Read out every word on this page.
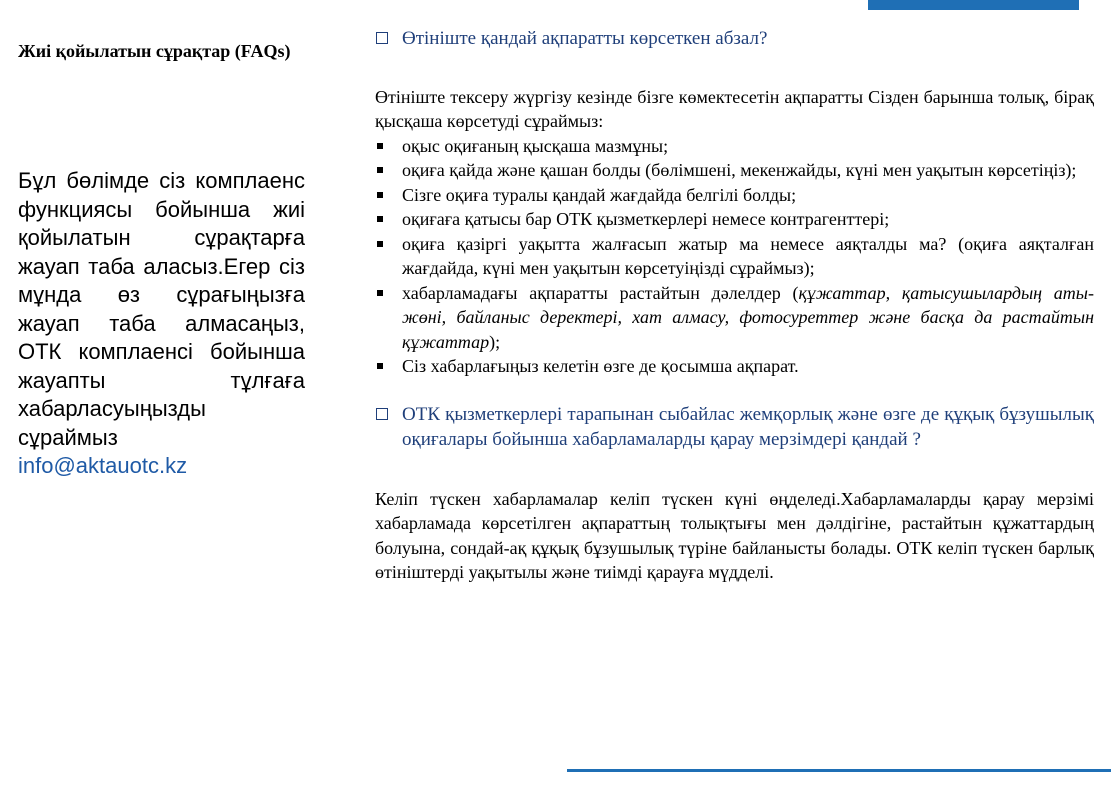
Жиі қойылатын сұрақтар (FAQs)
Бұл бөлімде сіз комплаенс функциясы бойынша жиі қойылатын сұрақтарға жауап таба аласыз.Егер сіз мұнда өз сұрағыңызға жауап таба алмасаңыз, ОТК комплаенсі бойынша жауапты тұлғаға хабарласуыңызды сұраймыз
info@aktauotc.kz
Өтініште қандай ақпаратты көрсеткен абзал?

Өтініште тексеру жүргізу кезінде бізге көмектесетін ақпаратты Сізден барынша толық, бірақ қысқаша көрсетуді сұраймыз:

оқыс оқиғаның қысқаша мазмұны;
оқиға қайда және қашан болды (бөлімшені, мекенжайды, күні мен уақытын көрсетіңіз);
Сізге оқиға туралы қандай жағдайда белгілі болды;
оқиғаға қатысы бар ОТК қызметкерлері немесе контрагенттері;
оқиға қазіргі уақытта жалғасып жатыр ма немесе аяқталды ма? (оқиға аяқталған жағдайда, күні мен уақытын көрсетуіңізді сұраймыз);
хабарламадағы ақпаратты растайтын дәлелдер (құжаттар, қатысушылардың аты-жөні, байланыс деректері, хат алмасу, фотосуреттер және басқа да растайтын құжаттар);
Сіз хабарлағыңыз келетін өзге де қосымша ақпарат.
ОТК қызметкерлері тарапынан сыбайлас жемқорлық және өзге де құқық бұзушылық оқиғалары бойынша хабарламаларды қарау мерзімдері қандай ?

Келіп түскен хабарламалар келіп түскен күні өңделеді.Хабарламаларды қарау мерзімі хабарламада көрсетілген ақпараттың толықтығы мен дәлдігіне, растайтын құжаттардың болуына, сондай-ақ құқық бұзушылық түріне байланысты болады. ОТК келіп түскен барлық өтініштерді уақытылы және тиімді қарауға мүдделі.
